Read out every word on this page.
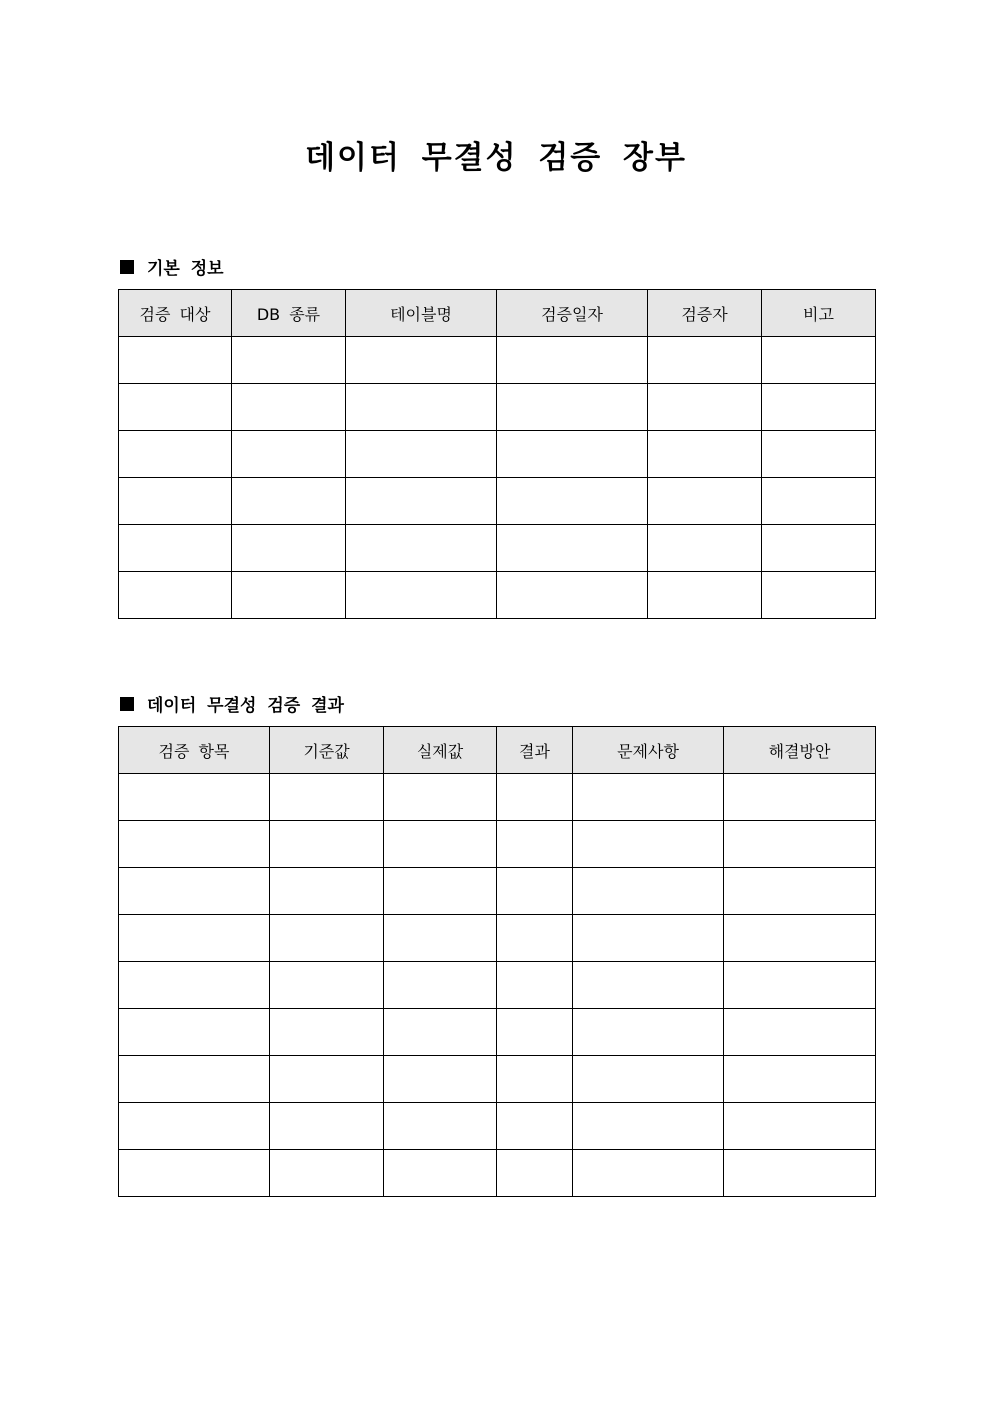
데이터 무결성 검증 장부
기본 정보
검증 대상	DB 종류	테이블명	검증일자	검증자	비고

데이터 무결성 검증 결과
검증 항목	기준값	실제값	결과	문제사항	해결방안
